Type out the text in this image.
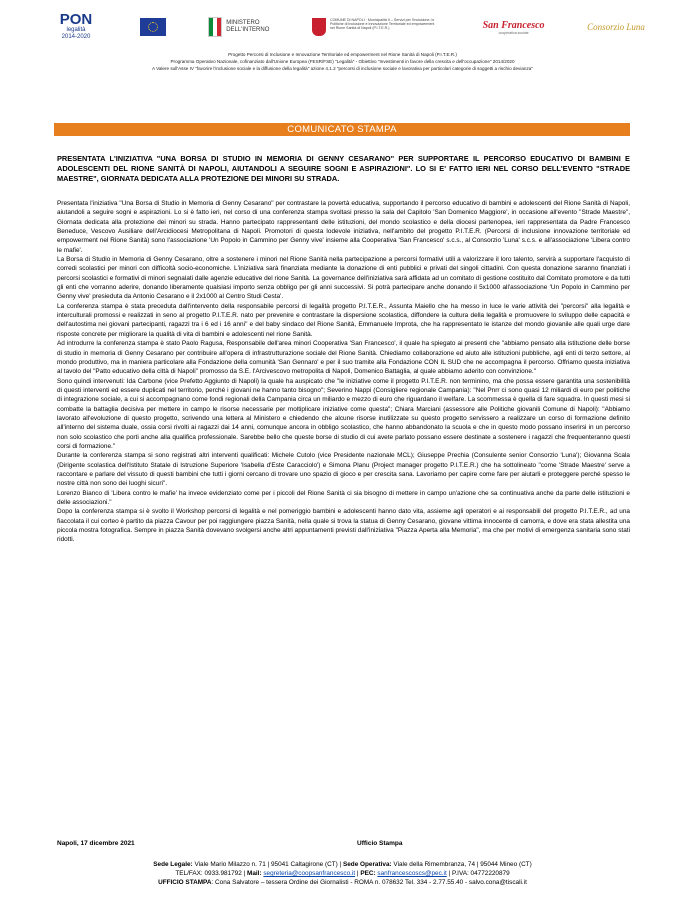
PON
legalità
2014-2020
MINISTERO
DELL'INTERNO
COMUNE DI NAPOLI · Municipalità II – Servizi per l'Inclusione, le Politiche di Inclusione e Innovazione Territoriale ed empowerment nel Rione Sanità di Napoli (P.I.T.E.R.)	San Francesco
cooperativa sociale
Consorzio Luna
Progetto Percorsi di Inclusione e Innovazione Territoriale ed empowerment nel Rione Sanità di Napoli (P.I.T.E.R.)
Programma Operativo Nazionale, cofinanziato dall'Unione Europea (FESR/FSE) "Legalità" - Obiettivo "Investimenti in favore della crescita e dell'occupazione" 2014/2020
A Valere sull'Asse IV "favorire l'inclusione sociale e la diffusione della legalità" azione 4.1.2 "percorsi di inclusione sociale e lavorativa per particolari categorie di soggetti a rischio devianza"
COMUNICATO STAMPA
PRESENTATA L'INIZIATIVA "UNA BORSA DI STUDIO IN MEMORIA DI GENNY CESARANO" PER SUPPORTARE IL PERCORSO EDUCATIVO DI BAMBINI E ADOLESCENTI DEL RIONE SANITÀ DI NAPOLI, AIUTANDOLI A SEGUIRE SOGNI E ASPIRAZIONI". LO SI E' FATTO IERI NEL CORSO DELL'EVENTO "STRADE MAESTRE", GIORNATA DEDICATA ALLA PROTEZIONE DEI MINORI SU STRADA.

Presentata l'iniziativa "Una Borsa di Studio in Memoria di Genny Cesarano" per contrastare la povertà educativa, supportando il percorso educativo di bambini e adolescenti del Rione Sanità di Napoli, aiutandoli a seguire sogni e aspirazioni. Lo si è fatto ieri, nel corso di una conferenza stampa svoltasi presso la sala del Capitolo 'San Domenico Maggiore', in occasione all'evento "Strade Maestre", Giornata dedicata alla protezione dei minori su strada. Hanno partecipato rappresentanti delle istituzioni, del mondo scolastico e della diocesi partenopea, ieri rappresentata da Padre Francesco Beneduce, Vescovo Ausiliare dell'Arcidiocesi Metropolitana di Napoli. Promotori di questa lodevole iniziativa, nell'ambito del progetto P.I.T.E.R. (Percorsi di inclusione innovazione territoriale ed empowerment nel Rione Sanità) sono l'associazione 'Un Popolo in Cammino per Genny vive' insieme alla Cooperativa 'San Francesco' s.c.s., al Consorzio 'Luna' s.c.s. e all'associazione 'Libera contro le mafie'.

La Borsa di Studio in Memoria di Genny Cesarano, oltre a sostenere i minori nel Rione Sanità nella partecipazione a percorsi formativi utili a valorizzare il loro talento, servirà a supportare l'acquisto di corredi scolastici per minori con difficoltà socio-economiche. L'iniziativa sarà finanziata mediante la donazione di enti pubblici e privati del singoli cittadini. Con questa donazione saranno finanziati i percorsi scolastici e formativi di minori segnalati dalle agenzie educative del rione Sanità. La governance dell'iniziativa sarà affidata ad un comitato di gestione costituito dal Comitato promotore e da tutti gli enti che vorranno aderire, donando liberamente qualsiasi importo senza obbligo per gli anni successivi. Si potrà partecipare anche donando il 5x1000 all'associazione 'Un Popolo in Cammino per Genny vive' presieduta da Antonio Cesarano e il 2x1000 al Centro Studi Cesta'.

La conferenza stampa è stata preceduta dall'intervento della responsabile percorsi di legalità progetto P.I.T.E.R., Assunta Maiello che ha messo in luce le varie attività dei "percorsi" alla legalità e interculturali promossi e realizzati in seno al progetto P.I.T.E.R. nato per prevenire e contrastare la dispersione scolastica, diffondere la cultura della legalità e promuovere lo sviluppo delle capacità e dell'autostima nei giovani partecipanti, ragazzi tra i 6 ed i 16 anni" e del baby sindaco del Rione Sanità, Emmanuele Improta, che ha rappresentato le istanze del mondo giovanile alle quali urge dare risposte concrete per migliorare la qualità di vita di bambini e adolescenti nel rione Sanità.

Ad introdurre la conferenza stampa è stato Paolo Ragusa, Responsabile dell'area minori Cooperativa 'San Francesco', il quale ha spiegato ai presenti che "abbiamo pensato alla istituzione delle borse di studio in memoria di Genny Cesarano per contribuire all'opera di infrastrutturazione sociale del Rione Sanità. Chiediamo collaborazione ed aiuto alle istituzioni pubbliche, agli enti di terzo settore, al mondo produttivo, ma in maniera particolare alla Fondazione della comunità 'San Gennaro' e per il suo tramite alla Fondazione CON IL SUD che ne accompagna il percorso. Offriamo questa iniziativa al tavolo del "Patto educativo della città di Napoli" promosso da S.E. l'Arcivescovo metropolita di Napoli, Domenico Battaglia, al quale abbiamo aderito con convinzione."

Sono quindi intervenuti: Ida Carbone (vice Prefetto Aggiunto di Napoli) la quale ha auspicato che "le iniziative come il progetto P.I.T.E.R. non terminino, ma che possa essere garantita una sostenibilità di questi interventi ed essere duplicati nel territorio, perché i giovani ne hanno tanto bisogno"; Severino Nappi (Consigliere regionale Campania): "Nel Pnrr ci sono quasi 12 miliardi di euro per politiche di integrazione sociale, a cui si accompagnano come fondi regionali della Campania circa un miliardo e mezzo di euro che riguardano il welfare. La scommessa è quella di fare squadra. In questi mesi si combatte la battaglia decisiva per mettere in campo le risorse necessarie per moltiplicare iniziative come questa"; Chiara Marciani (assessore alle Politiche giovanili Comune di Napoli): "Abbiamo lavorato all'evoluzione di questo progetto, scrivendo una lettera al Ministero e chiedendo che alcune risorse inutilizzate su questo progetto servissero a realizzare un corso di formazione definito all'interno del sistema duale, ossia corsi rivolti ai ragazzi dai 14 anni, comunque ancora in obbligo scolastico, che hanno abbandonato la scuola e che in questo modo possano inserirsi in un percorso non solo scolastico che porti anche alla qualifica professionale. Sarebbe bello che queste borse di studio di cui avete parlato possano essere destinate a sostenere i ragazzi che frequenteranno questi corsi di formazione."

Durante la conferenza stampa si sono registrati altri interventi qualificati: Michele Cutolo (vice Presidente nazionale MCL); Giuseppe Prechia (Consulente senior Consorzio 'Luna'); Giovanna Scala (Dirigente scolastica dell'Istituto Statale di Istruzione Superiore 'Isabella d'Este Caracciolo') e Simona Planu (Project manager progetto P.I.T.E.R.) che ha sottolineato "come 'Strade Maestre' serve a raccontare e parlare del vissuto di questi bambini che tutti i giorni cercano di trovare uno spazio di gioco e per crescita sana. Lavoriamo per capire come fare per aiutarli e proteggere perché spesso le nostre città non sono dei luoghi sicuri".

Lorenzo Bianco di 'Libera contro le mafie' ha invece evidenziato come per i piccoli del Rione Sanità ci sia bisogno di mettere in campo un'azione che sa continuativa anche da parte delle istituzioni e delle associazioni."

Dopo la conferenza stampa si è svolto il Workshop percorsi di legalità e nel pomeriggio bambini e adolescenti hanno dato vita, assieme agli operatori e ai responsabili del progetto P.I.T.E.R., ad una fiaccolata il cui corteo è partito da piazza Cavour per poi raggiungere piazza Sanità, nella quale si trova la statua di Genny Cesarano, giovane vittima innocente di camorra, e dove era stata allestita una piccola mostra fotografica. Sempre in piazza Sanità dovevano svolgersi anche altri appuntamenti previsti dall'iniziativa "Piazza Aperta alla Memoria", ma che per motivi di emergenza sanitaria sono stati ridotti.

Napoli, 17 dicembre 2021	Ufficio Stampa
Sede Legale: Viale Mario Milazzo n. 71 | 95041 Caltagirone (CT) | Sede Operativa: Viale della Rimembranza, 74 | 95044 Mineo (CT)
TEL/FAX: 0933.981792 | Mail: segreteria@coopsanfrancesco.it | PEC: sanfrancescoscs@pec.it | P.IVA: 04772220879
UFFICIO STAMPA: Cona Salvatore – tessera Ordine dei Giornalisti - ROMA n. 078632 Tel. 334 - 2.77.55.40 - salvo.cona@tiscali.it
